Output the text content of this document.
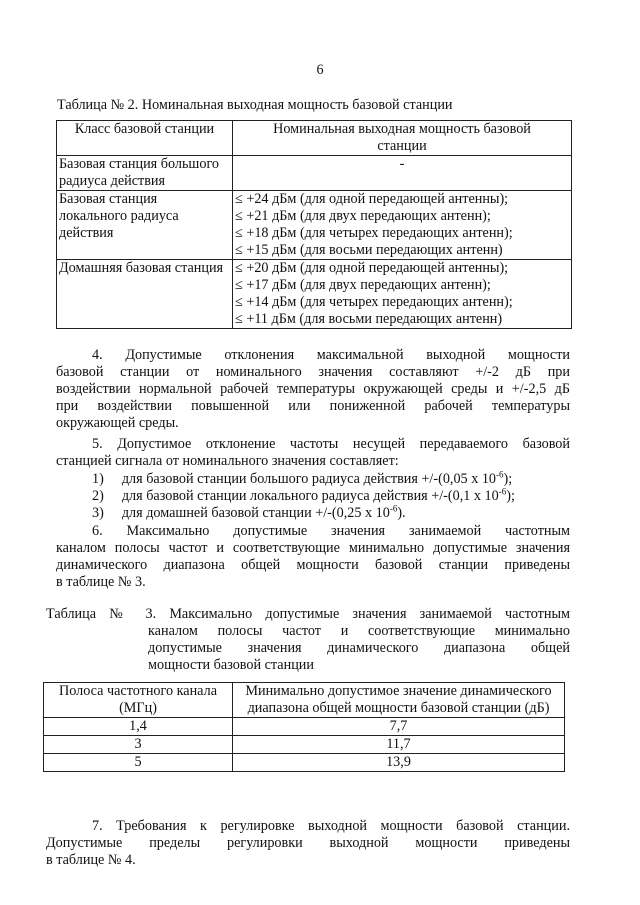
6
Таблица № 2. Номинальная выходная мощность базовой станции
Класс базовой станции	Номинальная выходная мощность базовой
станции

Базовая станция большого
радиуса действия	-

Базовая станция
локального радиуса
действия	≤ +24 дБм (для одной передающей антенны);
≤ +21 дБм (для двух передающих антенн);
≤ +18 дБм (для четырех передающих антенн);
≤ +15 дБм (для восьми передающих антенн)

Домашняя базовая станция	≤ +20 дБм (для одной передающей антенны);
≤ +17 дБм (для двух передающих антенн);
≤ +14 дБм (для четырех передающих антенн);
≤ +11 дБм (для восьми передающих антенн)
4. Допустимые отклонения максимальной выходной мощности
базовой станции от номинального значения составляют +/-2 дБ при
воздействии нормальной рабочей температуры окружающей среды и +/-2,5 дБ
при воздействии повышенной или пониженной рабочей температуры
окружающей среды.
5. Допустимое отклонение частоты несущей передаваемого базовой
станцией сигнала от номинального значения составляет:
1) для базовой станции большого радиуса действия +/-(0,05 x $10^{-6}$);
2) для базовой станции локального радиуса действия +/-(0,1 x $10^{-6}$);
3) для домашней базовой станции +/-(0,25 x $10^{-6}$).
6. Максимально допустимые значения занимаемой частотным
каналом полосы частот и соответствующие минимально допустимые значения
динамического диапазона общей мощности базовой станции приведены
в таблице № 3.
Таблица № 3. Максимально допустимые значения занимаемой частотным
каналом полосы частот и соответствующие минимально
допустимые значения динамического диапазона общей
мощности базовой станции
Полоса частотного канала
(МГц)	Минимально допустимое значение динамического
диапазона общей мощности базовой станции (дБ)

1,4	7,7
3	11,7
5	13,9
7. Требования к регулировке выходной мощности базовой станции.
Допустимые пределы регулировки выходной мощности приведены
в таблице № 4.
